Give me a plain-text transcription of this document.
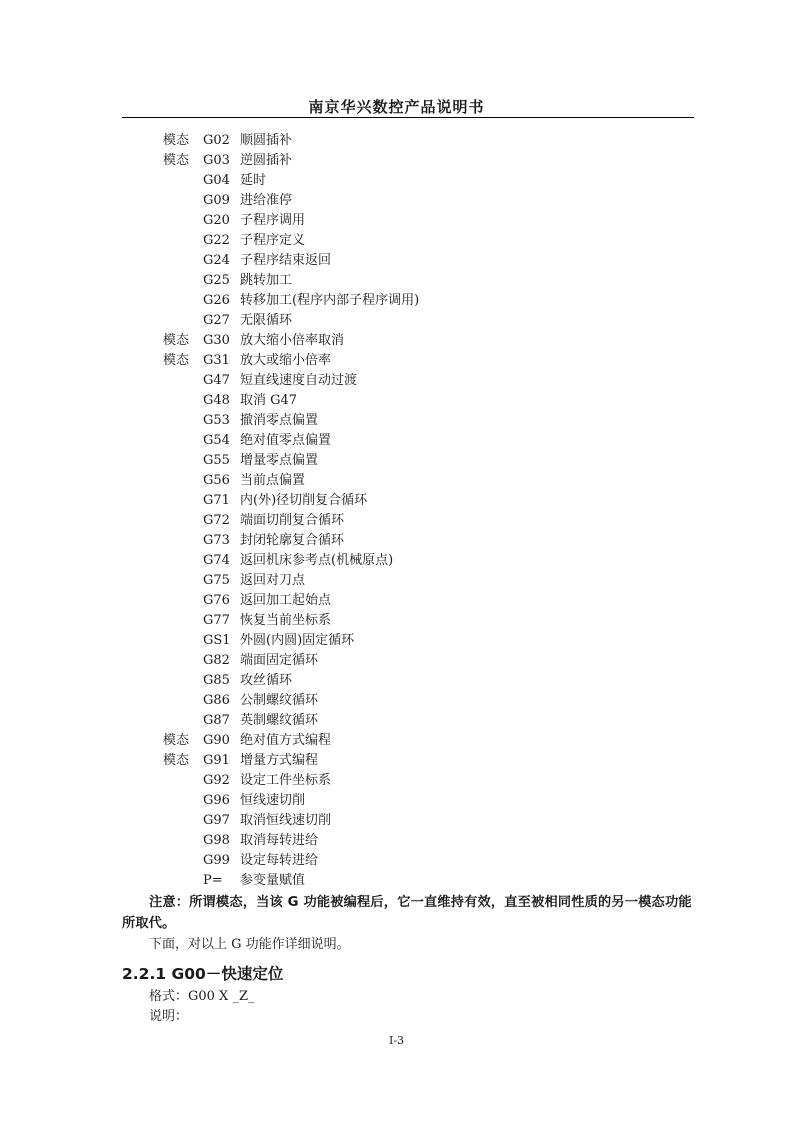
南京华兴数控产品说明书
模态 G02 顺圆插补
模态 G03 逆圆插补
G04 延时
G09 进给准停
G20 子程序调用
G22 子程序定义
G24 子程序结束返回
G25 跳转加工
G26 转移加工(程序内部子程序调用)
G27 无限循环
模态 G30 放大缩小倍率取消
模态 G31 放大或缩小倍率
G47 短直线速度自动过渡
G48 取消 G47
G53 撤消零点偏置
G54 绝对值零点偏置
G55 增量零点偏置
G56 当前点偏置
G71 内(外)径切削复合循环
G72 端面切削复合循环
G73 封闭轮廓复合循环
G74 返回机床参考点(机械原点)
G75 返回对刀点
G76 返回加工起始点
G77 恢复当前坐标系
GS1 外圆(内圆)固定循环
G82 端面固定循环
G85 攻丝循环
G86 公制螺纹循环
G87 英制螺纹循环
模态 G90 绝对值方式编程
模态 G91 增量方式编程
G92 设定工件坐标系
G96 恒线速切削
G97 取消恒线速切削
G98 取消每转进给
G99 设定每转进给
P= 参变量赋值
注意：所谓模态，当该 G 功能被编程后，它一直维持有效，直至被相同性质的另一模态功能所取代。
下面，对以上 G 功能作详细说明。
2.2.1 G00－快速定位
格式：G00 X _Z_
说明：
I-3
